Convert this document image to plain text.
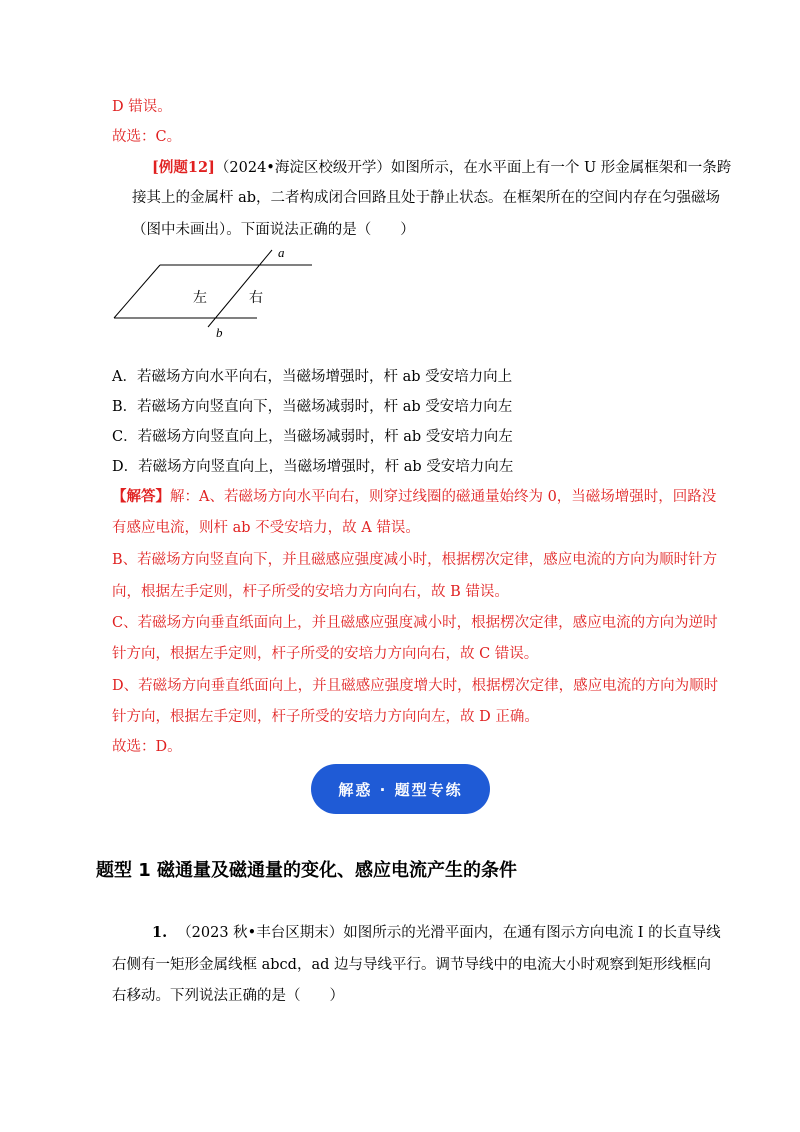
D 错误。
故选：C。
[例题12]（2024•海淀区校级开学）如图所示，在水平面上有一个 U 形金属框架和一条跨
接其上的金属杆 ab，二者构成闭合回路且处于静止状态。在框架所在的空间内存在匀强磁场
（图中未画出）。下面说法正确的是（　　）
a
b
左	右
A．若磁场方向水平向右，当磁场增强时，杆 ab 受安培力向上
B．若磁场方向竖直向下，当磁场减弱时，杆 ab 受安培力向左
C．若磁场方向竖直向上，当磁场减弱时，杆 ab 受安培力向左
D．若磁场方向竖直向上，当磁场增强时，杆 ab 受安培力向左
【解答】解：A、若磁场方向水平向右，则穿过线圈的磁通量始终为 0，当磁场增强时，回路没
有感应电流，则杆 ab 不受安培力，故 A 错误。
B、若磁场方向竖直向下，并且磁感应强度减小时，根据楞次定律，感应电流的方向为顺时针方
向，根据左手定则，杆子所受的安培力方向向右，故 B 错误。
C、若磁场方向垂直纸面向上，并且磁感应强度减小时，根据楞次定律，感应电流的方向为逆时
针方向，根据左手定则，杆子所受的安培力方向向右，故 C 错误。
D、若磁场方向垂直纸面向上，并且磁感应强度增大时，根据楞次定律，感应电流的方向为顺时
针方向，根据左手定则，杆子所受的安培力方向向左，故 D 正确。
故选：D。
解惑 · 题型专练
题型 1 磁通量及磁通量的变化、感应电流产生的条件
1. （2023 秋•丰台区期末）如图所示的光滑平面内，在通有图示方向电流 I 的长直导线
右侧有一矩形金属线框 abcd，ad 边与导线平行。调节导线中的电流大小时观察到矩形线框向
右移动。下列说法正确的是（　　）
